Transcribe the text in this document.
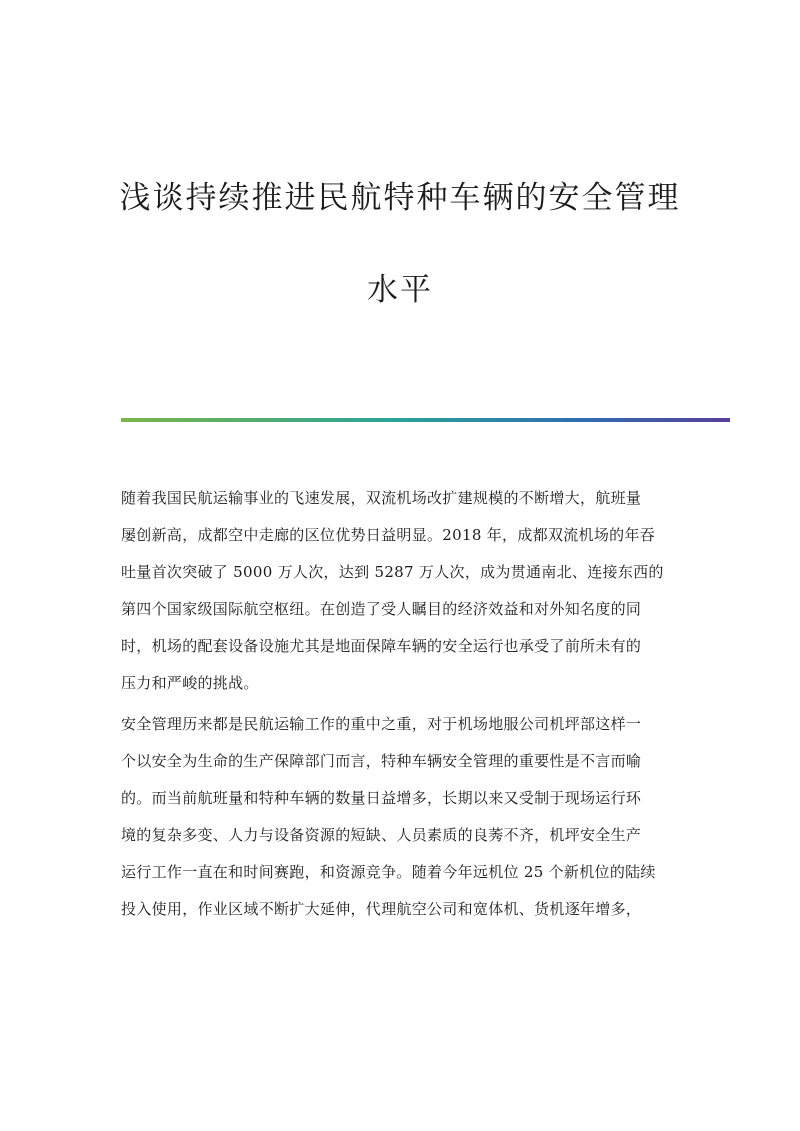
浅谈持续推进民航特种车辆的安全管理
水平

随着我国民航运输事业的飞速发展，双流机场改扩建规模的不断增大，航班量
屡创新高，成都空中走廊的区位优势日益明显。2018 年，成都双流机场的年吞
吐量首次突破了 5000 万人次，达到 5287 万人次，成为贯通南北、连接东西的
第四个国家级国际航空枢纽。在创造了受人瞩目的经济效益和对外知名度的同
时，机场的配套设备设施尤其是地面保障车辆的安全运行也承受了前所未有的
压力和严峻的挑战。

安全管理历来都是民航运输工作的重中之重，对于机场地服公司机坪部这样一
个以安全为生命的生产保障部门而言，特种车辆安全管理的重要性是不言而喻
的。而当前航班量和特种车辆的数量日益增多，长期以来又受制于现场运行环
境的复杂多变、人力与设备资源的短缺、人员素质的良莠不齐，机坪安全生产
运行工作一直在和时间赛跑，和资源竞争。随着今年远机位 25 个新机位的陆续
投入使用，作业区域不断扩大延伸，代理航空公司和宽体机、货机逐年增多，
